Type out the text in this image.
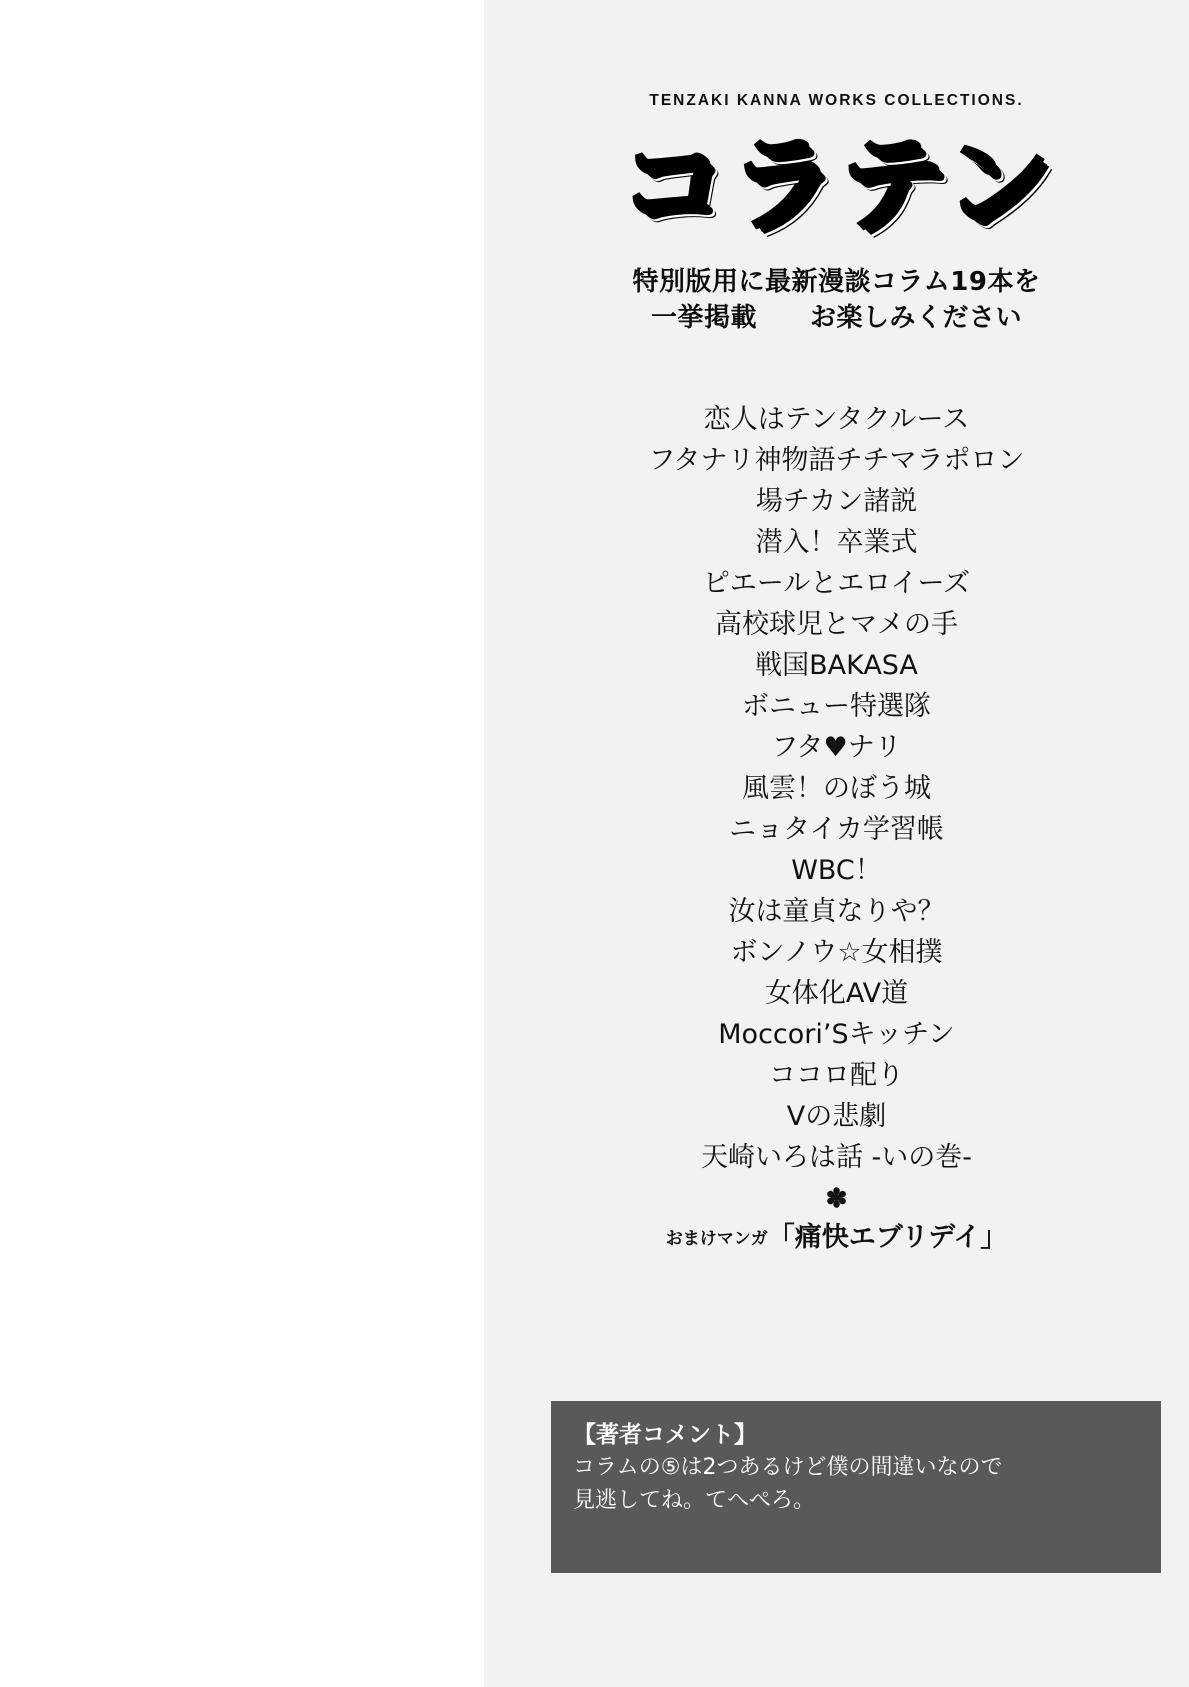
TENZAKI KANNA WORKS COLLECTIONS.
コラテン
特別版用に最新漫談コラム19本を
一挙掲載　　お楽しみください
恋人はテンタクルース
フタナリ神物語チチマラポロン
場チカン諸説
潜入！卒業式
ピエールとエロイーズ
高校球児とマメの手
戦国BAKASA
ボニュー特選隊
フタ♥ナリ
風雲！のぼう城
ニョタイカ学習帳
WBC！
汝は童貞なりや？
ボンノウ☆女相撲
女体化AV道
Moccori’Sキッチン
ココロ配り
Vの悲劇
天崎いろは話 -いの巻-
✽
おまけマンガ「痛快エブリデイ」
【著者コメント】
コラムの⑤は2つあるけど僕の間違いなので
見逃してね。てへぺろ。
